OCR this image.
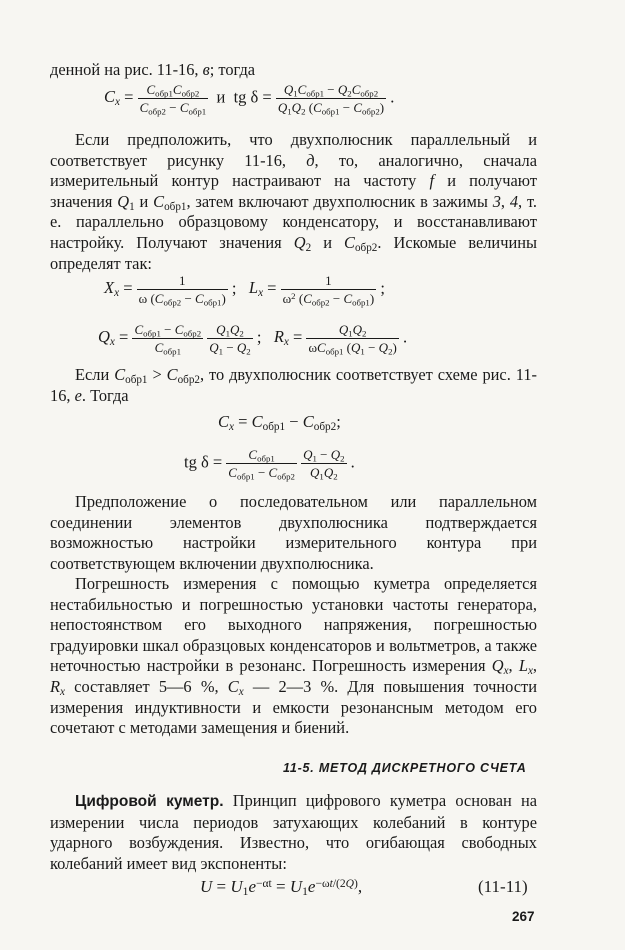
денной на рис. 11-16, в; тогда
$C_x = \frac{C_{обр1}C_{обр2}}{C_{обр2} - C_{обр1}}$ и  tg $\delta = \frac{Q_1C_{обр1} - Q_2C_{обр2}}{Q_1Q_2 (C_{обр1} - C_{обр2})}$ .

Если предположить, что двухполюсник параллельный и соответствует рисунку 11-16, д, то, аналогично, сначала измерительный контур настраивают на частоту f и получают значения $Q_1$ и $C_{обр1}$, затем включают двухполюсник в зажимы 3, 4, т. е. параллельно образцовому конденсатору, и восстанавливают настройку. Получают значения $Q_2$ и $C_{обр2}$. Искомые величины определят так:

$X_x = \frac{1}{\omega (C_{обр2} - C_{обр1})}$ ;   $L_x = \frac{1}{\omega^2 (C_{обр2} - C_{обр1})}$ ;
$Q_x = \frac{C_{обр1} - C_{обр2}}{C_{обр1}}$
$\frac{Q_1Q_2}{Q_1 - Q_2}$ ;   $R_x = \frac{Q_1Q_2}{\omega C_{обр1} (Q_1 - Q_2)}$ .

Если $C_{обр1} > C_{обр2}$, то двухполюсник соответствует схеме рис. 11-16, е. Тогда

$C_x = C_{обр1} - C_{обр2}$;
tg $\delta = \frac{C_{обр1}}{C_{обр1} - C_{обр2}}$
$\frac{Q_1 - Q_2}{Q_1Q_2}$ .

Предположение о последовательном или параллельном соединении элементов двухполюсника подтверждается возможностью настройки измерительного контура при соответствующем включении двухполюсника.

Погрешность измерения с помощью куметра определяется нестабильностью и погрешностью установки частоты генератора, непостоянством его выходного напряжения, погрешностью градуировки шкал образцовых конденсаторов и вольтметров, а также неточностью настройки в резонанс. Погрешность измерения $Q_x$, $L_x$, $R_x$ составляет 5—6 %, $C_x$ — 2—3 %. Для повышения точности измерения индуктивности и емкости резонансным методом его сочетают с методами замещения и биений.

11-5. МЕТОД ДИСКРЕТНОГО СЧЕТА

Цифровой куметр. Принцип цифрового куметра основан на измерении числа периодов затухающих колебаний в контуре ударного возбуждения. Известно, что огибающая свободных колебаний имеет вид экспоненты:

$U = U_1e^{-\alpha t} = U_1e^{-\omega t/(2Q)}$,	(11-11)
267
